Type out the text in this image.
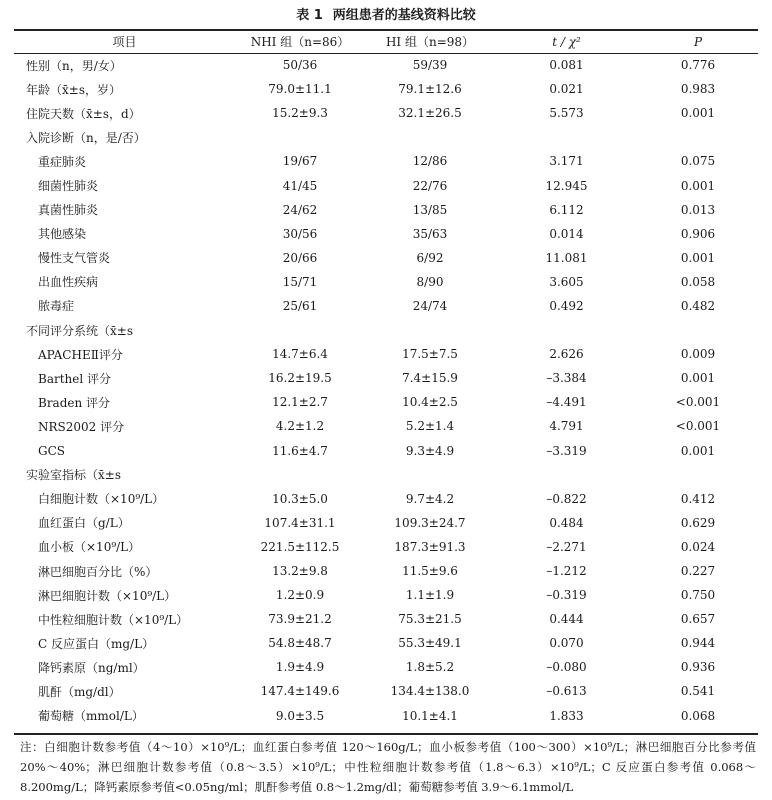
表 1 两组患者的基线资料比较
项目	NHI 组（n=86）	HI 组（n=98）	t / χ²	P
性别（n，男/女）	50/36	59/39	0.081	0.776
年龄（x̄±s，岁）	79.0±11.1	79.1±12.6	0.021	0.983
住院天数（x̄±s，d）	15.2±9.3	32.1±26.5	5.573	0.001
入院诊断（n，是/否）				
重症肺炎	19/67	12/86	3.171	0.075
细菌性肺炎	41/45	22/76	12.945	0.001
真菌性肺炎	24/62	13/85	6.112	0.013
其他感染	30/56	35/63	0.014	0.906
慢性支气管炎	20/66	6/92	11.081	0.001
出血性疾病	15/71	8/90	3.605	0.058
脓毒症	25/61	24/74	0.492	0.482
不同评分系统（x̄±s				
APACHEⅡ评分	14.7±6.4	17.5±7.5	2.626	0.009
Barthel 评分	16.2±19.5	7.4±15.9	–3.384	0.001
Braden 评分	12.1±2.7	10.4±2.5	–4.491	<0.001
NRS2002 评分	4.2±1.2	5.2±1.4	4.791	<0.001
GCS	11.6±4.7	9.3±4.9	–3.319	0.001
实验室指标（x̄±s				
白细胞计数（×10⁹/L）	10.3±5.0	9.7±4.2	–0.822	0.412
血红蛋白（g/L）	107.4±31.1	109.3±24.7	0.484	0.629
血小板（×10⁹/L）	221.5±112.5	187.3±91.3	–2.271	0.024
淋巴细胞百分比（%）	13.2±9.8	11.5±9.6	–1.212	0.227
淋巴细胞计数（×10⁹/L）	1.2±0.9	1.1±1.9	–0.319	0.750
中性粒细胞计数（×10⁹/L）	73.9±21.2	75.3±21.5	0.444	0.657
C 反应蛋白（mg/L）	54.8±48.7	55.3±49.1	0.070	0.944
降钙素原（ng/ml）	1.9±4.9	1.8±5.2	–0.080	0.936
肌酐（mg/dl）	147.4±149.6	134.4±138.0	–0.613	0.541
葡萄糖（mmol/L）	9.0±3.5	10.1±4.1	1.833	0.068
注：白细胞计数参考值（4～10）×10⁹/L；血红蛋白参考值 120～160g/L；血小板参考值（100～300）×10⁹/L；淋巴细胞百分比参考值 20%～40%；淋巴细胞计数参考值（0.8～3.5）×10⁹/L；中性粒细胞计数参考值（1.8～6.3）×10⁹/L；C 反应蛋白参考值 0.068～8.200mg/L；降钙素原参考值<0.05ng/ml；肌酐参考值 0.8～1.2mg/dl；葡萄糖参考值 3.9～6.1mmol/L
